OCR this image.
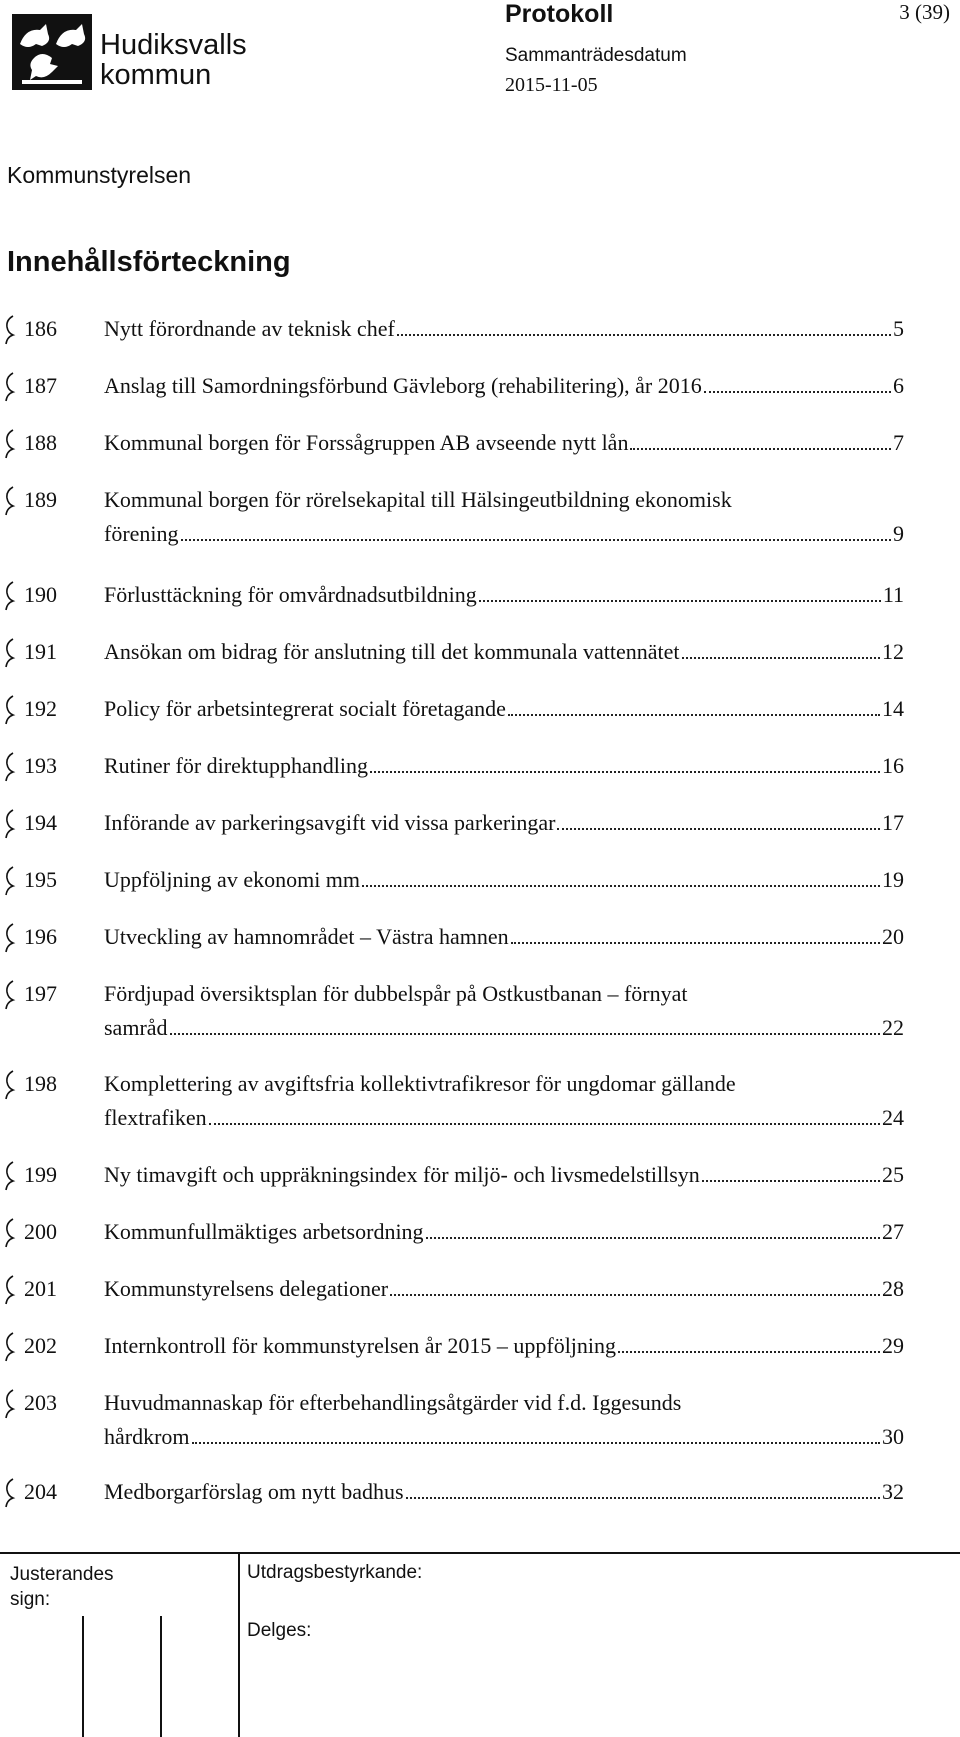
Hudiksvalls
kommun
Protokoll	3 (39)
Sammanträdesdatum
2015-11-05
Kommunstyrelsen
Innehållsförteckning
186 Nytt förordnande av teknisk chef	5
187 Anslag till Samordningsförbund Gävleborg (rehabilitering), år 2016	6
188 Kommunal borgen för Forssågruppen AB avseende nytt lån	7
189 Kommunal borgen för rörelsekapital till Hälsingeutbildning ekonomisk
förening	9
190 Förlusttäckning för omvårdnadsutbildning	11
191 Ansökan om bidrag för anslutning till det kommunala vattennätet	12
192 Policy för arbetsintegrerat socialt företagande	14
193 Rutiner för direktupphandling	16
194 Införande av parkeringsavgift vid vissa parkeringar	17
195 Uppföljning av ekonomi mm	19
196 Utveckling av hamnområdet – Västra hamnen	20
197 Fördjupad översiktsplan för dubbelspår på Ostkustbanan – förnyat
samråd	22
198 Komplettering av avgiftsfria kollektivtrafikresor för ungdomar gällande
flextrafiken	24
199 Ny timavgift och uppräkningsindex för miljö- och livsmedelstillsyn	25
200 Kommunfullmäktiges arbetsordning	27
201 Kommunstyrelsens delegationer	28
202 Internkontroll för kommunstyrelsen år 2015 – uppföljning	29
203 Huvudmannaskap för efterbehandlingsåtgärder vid f.d. Iggesunds
hårdkrom	30
204 Medborgarförslag om nytt badhus	32
Justerandes sign:
Utdragsbestyrkande:
Delges:
